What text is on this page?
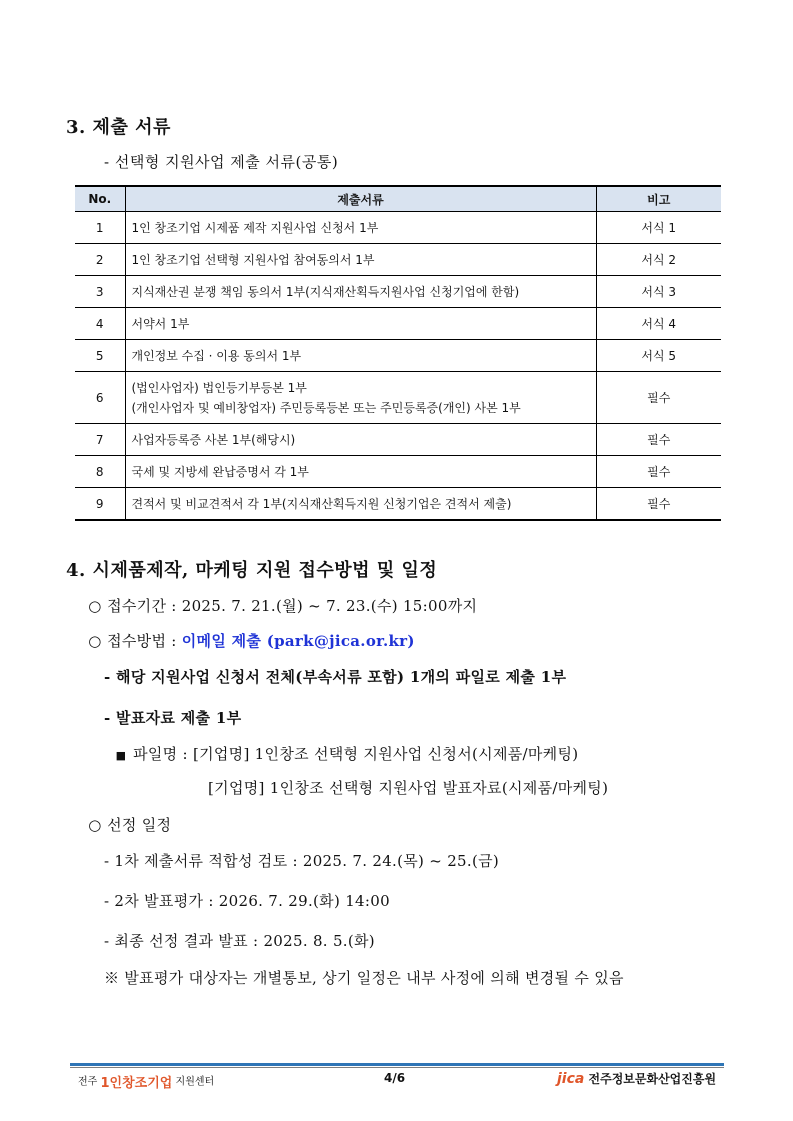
3. 제출 서류
- 선택형 지원사업 제출 서류(공통)
No.	제출서류	비고
1	1인 창조기업 시제품 제작 지원사업 신청서 1부	서식 1
2	1인 창조기업 선택형 지원사업 참여동의서 1부	서식 2
3	지식재산권 분쟁 책임 동의서 1부(지식재산획득지원사업 신청기업에 한함)	서식 3
4	서약서 1부	서식 4
5	개인정보 수집 · 이용 동의서 1부	서식 5
6	(법인사업자) 법인등기부등본 1부
(개인사업자 및 예비창업자) 주민등록등본 또는 주민등록증(개인) 사본 1부	필수
7	사업자등록증 사본 1부(해당시)	필수
8	국세 및 지방세 완납증명서 각 1부	필수
9	견적서 및 비교견적서 각 1부(지식재산획득지원 신청기업은 견적서 제출)	필수
4. 시제품제작, 마케팅 지원 접수방법 및 일정
○ 접수기간 : 2025. 7. 21.(월) ~ 7. 23.(수) 15:00까지
○ 접수방법 : 이메일 제출 (park@jica.or.kr)
- 해당 지원사업 신청서 전체(부속서류 포함) 1개의 파일로 제출 1부
- 발표자료 제출 1부
■ 파일명 : [기업명] 1인창조 선택형 지원사업 신청서(시제품/마케팅)
[기업명] 1인창조 선택형 지원사업 발표자료(시제품/마케팅)
○ 선정 일정
- 1차 제출서류 적합성 검토 : 2025. 7. 24.(목) ~ 25.(금)
- 2차 발표평가 : 2026. 7. 29.(화) 14:00
- 최종 선정 결과 발표 : 2025. 8. 5.(화)
※ 발표평가 대상자는 개별통보, 상기 일정은 내부 사정에 의해 변경될 수 있음
전주 1인창조기업 지원센터	4/6	jica 전주정보문화산업진흥원
